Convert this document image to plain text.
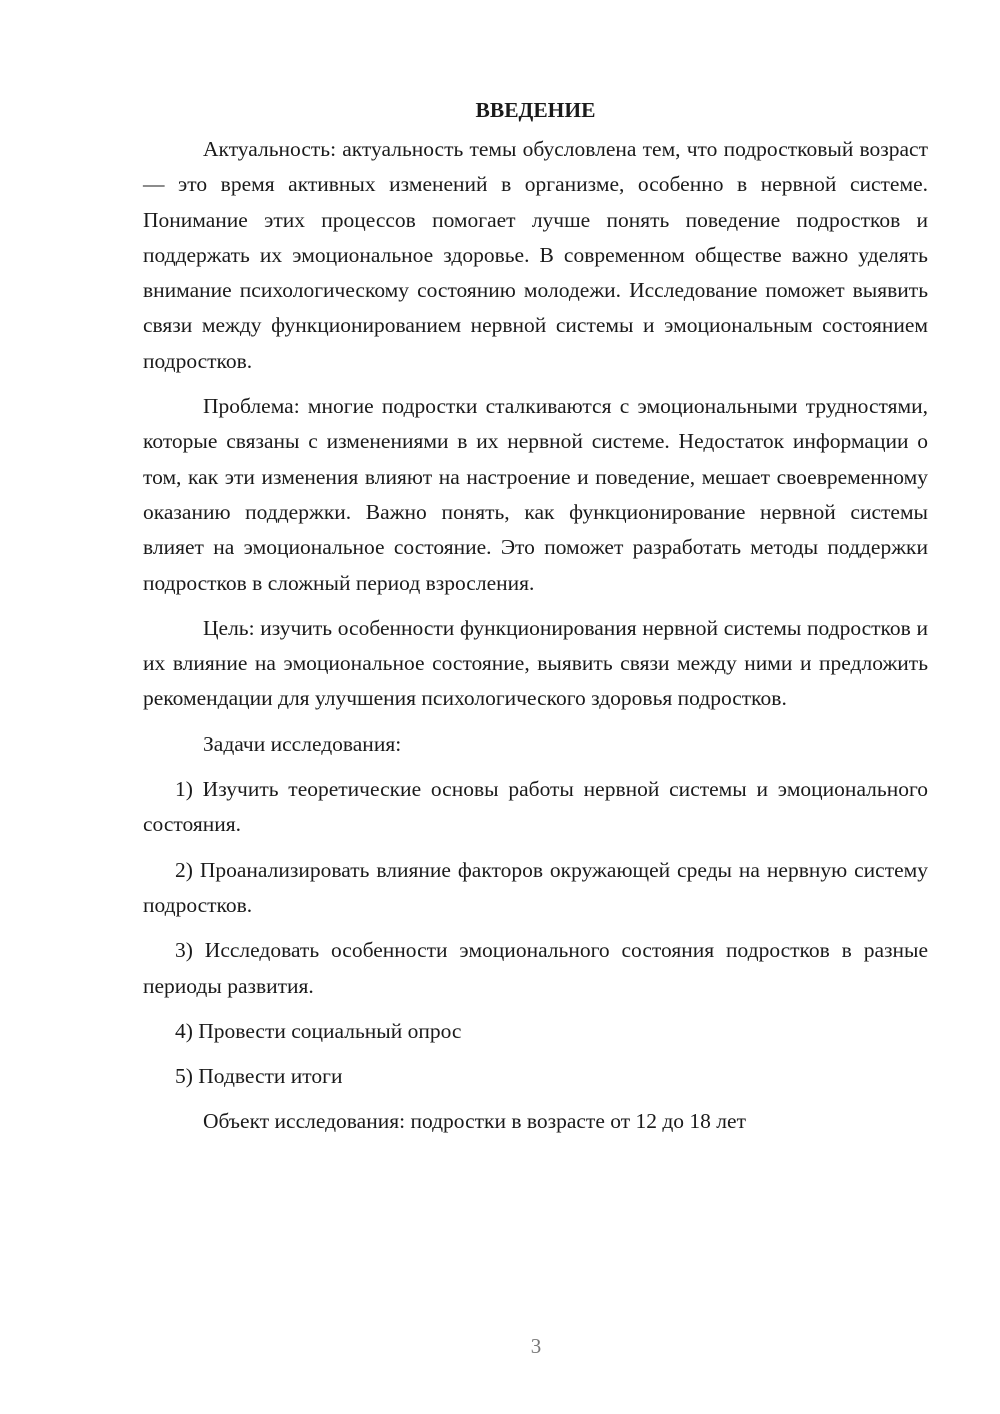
ВВЕДЕНИЕ

Актуальность: актуальность темы обусловлена тем, что подростковый возраст — это время активных изменений в организме, особенно в нервной системе. Понимание этих процессов помогает лучше понять поведение подростков и поддержать их эмоциональное здоровье. В современном обществе важно уделять внимание психологическому состоянию молодежи. Исследование поможет выявить связи между функционированием нервной системы и эмоциональным состоянием подростков.

Проблема: многие подростки сталкиваются с эмоциональными трудностями, которые связаны с изменениями в их нервной системе. Недостаток информации о том, как эти изменения влияют на настроение и поведение, мешает своевременному оказанию поддержки. Важно понять, как функционирование нервной системы влияет на эмоциональное состояние. Это поможет разработать методы поддержки подростков в сложный период взросления.

Цель: изучить особенности функционирования нервной системы подростков и их влияние на эмоциональное состояние, выявить связи между ними и предложить рекомендации для улучшения психологического здоровья подростков.

Задачи исследования:

1) Изучить теоретические основы работы нервной системы и эмоционального состояния.

2) Проанализировать влияние факторов окружающей среды на нервную систему подростков.

3) Исследовать особенности эмоционального состояния подростков в разные периоды развития.

4) Провести социальный опрос

5) Подвести итоги

Объект исследования: подростки в возрасте от 12 до 18 лет

3
